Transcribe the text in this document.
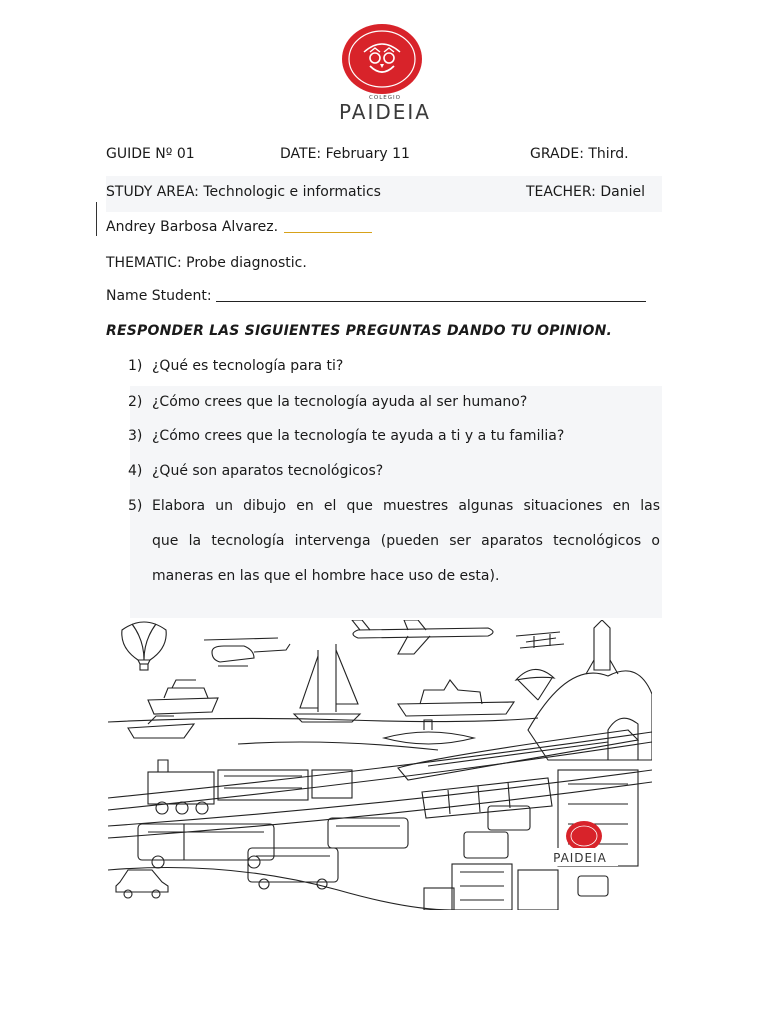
COLEGIO
PAIDEIA
GUIDE Nº 01	DATE: February 11	GRADE: Third.
STUDY AREA: Technologic e informatics	TEACHER: Daniel
Andrey Barbosa Alvarez.
THEMATIC: Probe diagnostic.
Name Student:
RESPONDER LAS SIGUIENTES PREGUNTAS DANDO TU OPINION.
1) ¿Qué es tecnología para ti?
2) ¿Cómo crees que la tecnología ayuda al ser humano?
3) ¿Cómo crees que la tecnología te ayuda a ti y a tu familia?
4) ¿Qué son aparatos tecnológicos?
5) Elabora un dibujo en el que muestres algunas situaciones en las
que la tecnología intervenga (pueden ser aparatos tecnológicos o
maneras en las que el hombre hace uso de esta).
PAIDEIA
